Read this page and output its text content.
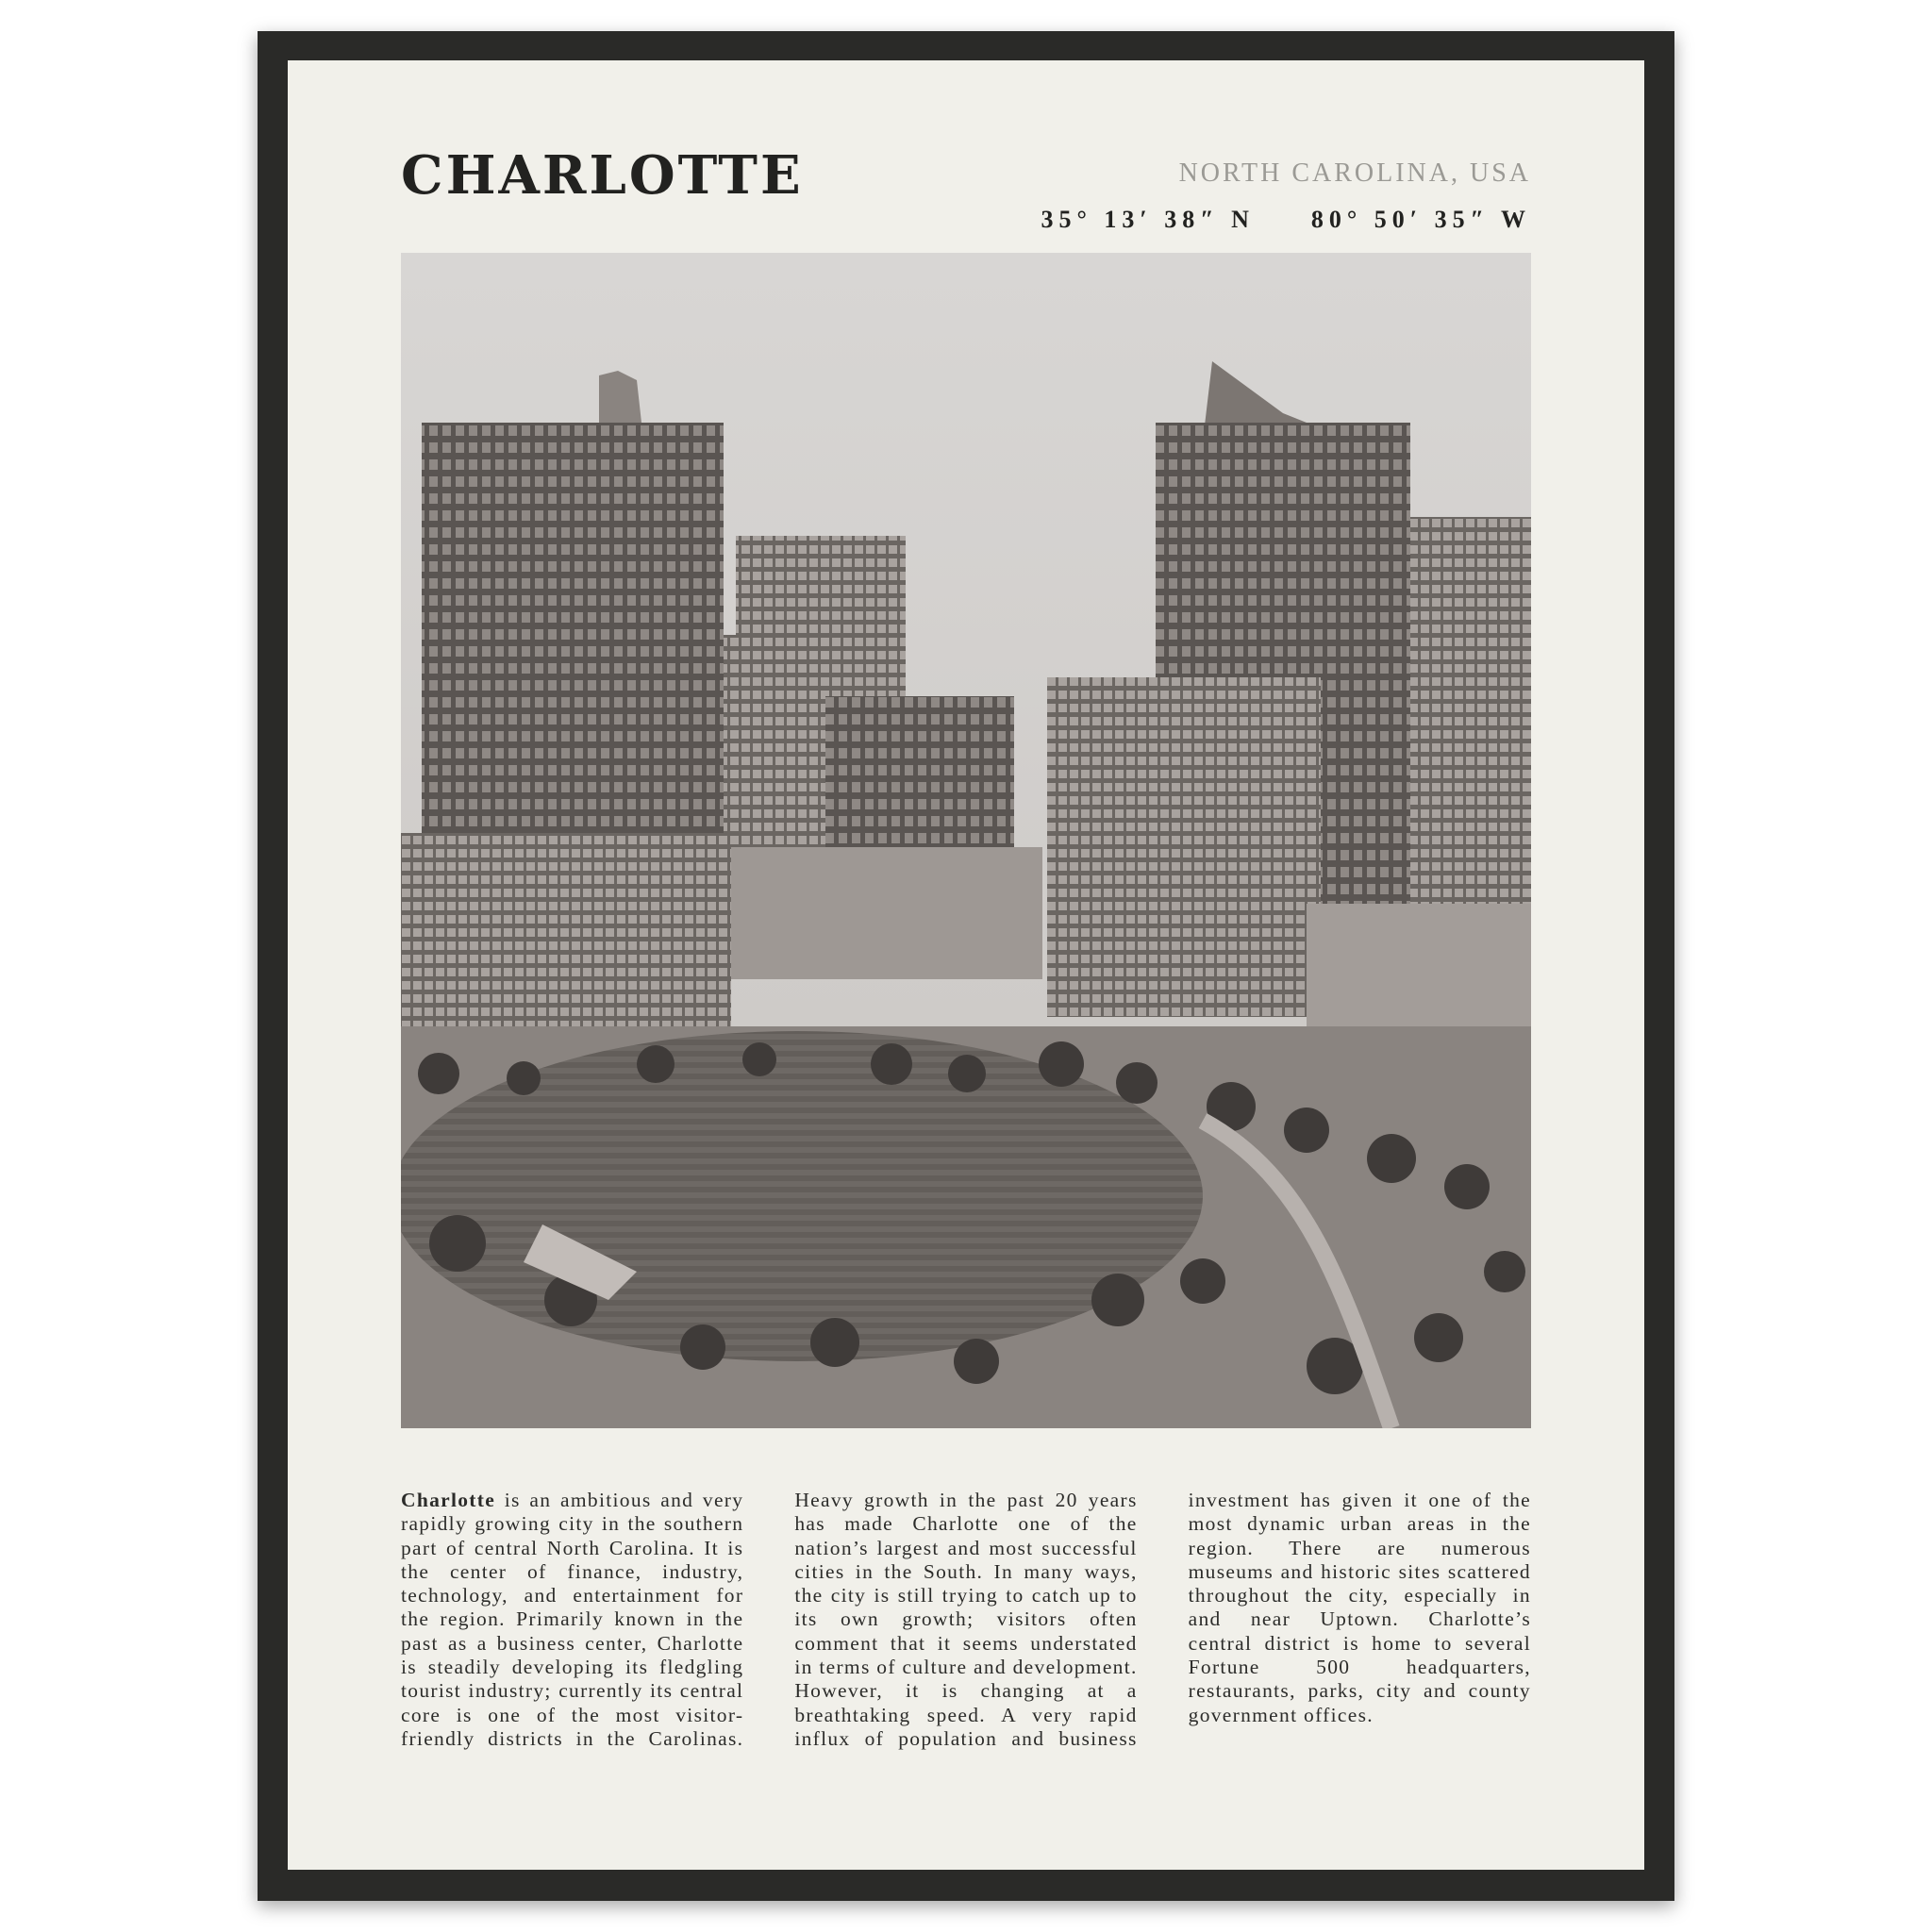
CHARLOTTE	NORTH CAROLINA, USA
35° 13′ 38″ N 80° 50′ 35″ W
Charlotte is an ambitious and very rapidly growing city in the southern part of central North Carolina. It is the center of finance, industry, technology, and entertainment for the region. Primarily known in the past as a business center, Charlotte is steadily developing its fledgling tourist industry; currently its central core is one of the most visitor-friendly districts in the Carolinas. Heavy growth in the past 20 years has made Charlotte one of the nation’s largest and most successful cities in the South. In many ways, the city is still trying to catch up to its own growth; visitors often comment that it seems understated in terms of culture and development. However, it is changing at a breathtaking speed. A very rapid influx of population and business investment has given it one of the most dynamic urban areas in the region. There are numerous museums and historic sites scattered throughout the city, especially in and near Uptown. Charlotte’s central district is home to several Fortune 500 headquarters, restaurants, parks, city and county government offices.
